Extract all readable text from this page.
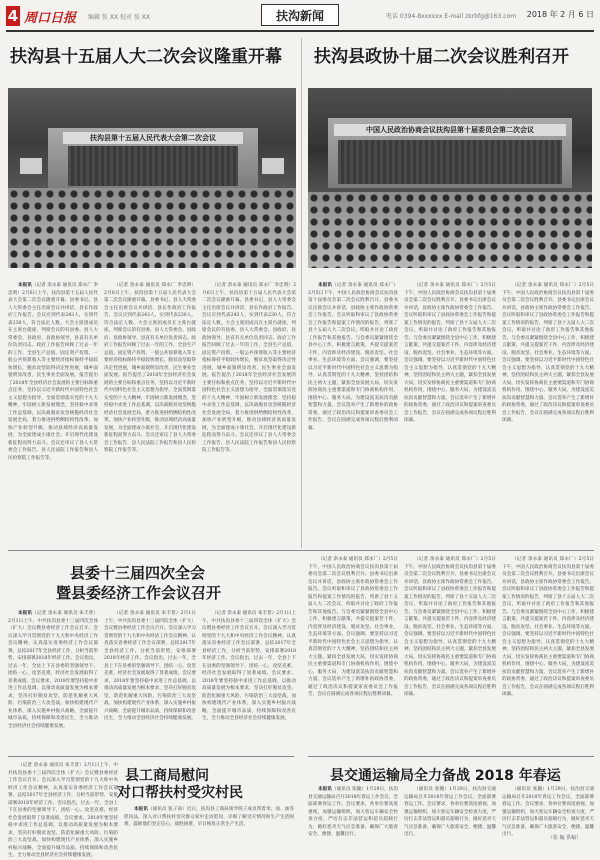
4 周口日报 编辑 张 XX 校对 张 XX	扶沟新闻	电话 0394-8xxxxxx E-mail zkrbfg@163.com 2018 年 2 月 6 日
扶沟县十五届人大二次会议隆重开幕 扶沟县政协十届二次会议胜利召开
扶沟县第十五届人民代表大会第二次会议
中国人民政治协商会议扶沟县第十届委员会第二次会议

本报讯（记者 余永泰 通讯员 郑永厂 李忠明）2月6日上午，扶沟县第十五届人民代表大会第二次会议隆重开幕。县委书记、县人大常委会主任出席会议并讲话，县长作政府工作报告。会议应到代表243人，实到代表230人，符合法定人数。大会主席团成员在主席台就座，列席会议的有县委、县人大常委会、县政府、县政协领导，县直有关单位负责同志。政府工作报告回顾了过去一年的工作，全县生产总值、固定资产投资、一般公共预算收入等主要经济指标保持平稳较快增长，脱贫攻坚取得决定性进展，城乡面貌明显改善，民生事业全面发展。报告提出了2018年全县经济社会发展的主要目标和重点任务，坚持以习近平新时代中国特色社会主义思想为指导，全面贯彻落实党的十九大精神，牢固树立新发展理念，坚持稳中求进工作总基调，以决战脱贫攻坚统揽经济社会发展全局，着力推进供给侧结构性改革，加快产业转型升级，推动县域经济高质量发展，为全面建成小康社会、开启现代化建设新征程而努力奋斗。会议还审议了县人大常委会工作报告、县人民法院工作报告和县人民检察院工作报告等。

（记者 余永泰 通讯员 郑永厂 李忠明）2月6日上午，扶沟县第十五届人民代表大会第二次会议隆重开幕。县委书记、县人大常委会主任出席会议并讲话，县长作政府工作报告。会议应到代表243人，实到代表230人，符合法定人数。大会主席团成员在主席台就座，列席会议的有县委、县人大常委会、县政府、县政协领导，县直有关单位负责同志。政府工作报告回顾了过去一年的工作，全县生产总值、固定资产投资、一般公共预算收入等主要经济指标保持平稳较快增长，脱贫攻坚取得决定性进展，城乡面貌明显改善，民生事业全面发展。报告提出了2018年全县经济社会发展的主要目标和重点任务，坚持以习近平新时代中国特色社会主义思想为指导，全面贯彻落实党的十九大精神，牢固树立新发展理念，坚持稳中求进工作总基调，以决战脱贫攻坚统揽经济社会发展全局，着力推进供给侧结构性改革，加快产业转型升级，推动县域经济高质量发展，为全面建成小康社会、开启现代化建设新征程而努力奋斗。会议还审议了县人大常委会工作报告、县人民法院工作报告和县人民检察院工作报告等。

（记者 余永泰 通讯员 郑永厂 李忠明）2月6日上午，扶沟县第十五届人民代表大会第二次会议隆重开幕。县委书记、县人大常委会主任出席会议并讲话，县长作政府工作报告。会议应到代表243人，实到代表230人，符合法定人数。大会主席团成员在主席台就座，列席会议的有县委、县人大常委会、县政府、县政协领导，县直有关单位负责同志。政府工作报告回顾了过去一年的工作，全县生产总值、固定资产投资、一般公共预算收入等主要经济指标保持平稳较快增长，脱贫攻坚取得决定性进展，城乡面貌明显改善，民生事业全面发展。报告提出了2018年全县经济社会发展的主要目标和重点任务，坚持以习近平新时代中国特色社会主义思想为指导，全面贯彻落实党的十九大精神，牢固树立新发展理念，坚持稳中求进工作总基调，以决战脱贫攻坚统揽经济社会发展全局，着力推进供给侧结构性改革，加快产业转型升级，推动县域经济高质量发展，为全面建成小康社会、开启现代化建设新征程而努力奋斗。会议还审议了县人大常委会工作报告、县人民法院工作报告和县人民检察院工作报告等。

本报讯（记者 余永泰 通讯员 郑永厂）2月5日下午，中国人民政治协商会议扶沟县第十届委员会第二次会议胜利召开。县委书记出席会议并讲话，县政协主席作政协常委会工作报告。会议听取和审议了县政协常委会工作报告和提案工作情况的报告，列席了县十五届人大二次会议，听取并讨论了政府工作报告和其他报告。与会委员紧紧围绕全县中心工作，积极建言献策，共提交提案若干件，内容涉及经济建设、脱贫攻坚、社会事业、生态环境等方面。会议强调，要坚持以习近平新时代中国特色社会主义思想为指导，认真贯彻党的十九大精神，坚持团结和民主两大主题，紧扣全县发展大局，切实发挥协商民主重要渠道和专门协商机构作用，围绕中心、服务大局，为建设富美扶沟贡献智慧和力量。会议选举产生了新增补的政协常委，通过了政治决议和提案审查委员会工作报告，会议在圆满完成各项议程后胜利闭幕。

（记者 余永泰 通讯员 郑永厂）2月5日下午，中国人民政治协商会议扶沟县第十届委员会第二次会议胜利召开。县委书记出席会议并讲话，县政协主席作政协常委会工作报告。会议听取和审议了县政协常委会工作报告和提案工作情况的报告，列席了县十五届人大二次会议，听取并讨论了政府工作报告和其他报告。与会委员紧紧围绕全县中心工作，积极建言献策，共提交提案若干件，内容涉及经济建设、脱贫攻坚、社会事业、生态环境等方面。会议强调，要坚持以习近平新时代中国特色社会主义思想为指导，认真贯彻党的十九大精神，坚持团结和民主两大主题，紧扣全县发展大局，切实发挥协商民主重要渠道和专门协商机构作用，围绕中心、服务大局，为建设富美扶沟贡献智慧和力量。会议选举产生了新增补的政协常委，通过了政治决议和提案审查委员会工作报告，会议在圆满完成各项议程后胜利闭幕。

（记者 余永泰 通讯员 郑永厂）2月5日下午，中国人民政治协商会议扶沟县第十届委员会第二次会议胜利召开。县委书记出席会议并讲话，县政协主席作政协常委会工作报告。会议听取和审议了县政协常委会工作报告和提案工作情况的报告，列席了县十五届人大二次会议，听取并讨论了政府工作报告和其他报告。与会委员紧紧围绕全县中心工作，积极建言献策，共提交提案若干件，内容涉及经济建设、脱贫攻坚、社会事业、生态环境等方面。会议强调，要坚持以习近平新时代中国特色社会主义思想为指导，认真贯彻党的十九大精神，坚持团结和民主两大主题，紧扣全县发展大局，切实发挥协商民主重要渠道和专门协商机构作用，围绕中心、服务大局，为建设富美扶沟贡献智慧和力量。会议选举产生了新增补的政协常委，通过了政治决议和提案审查委员会工作报告，会议在圆满完成各项议程后胜利闭幕。

县委十三届四次全会
暨县委经济工作会议召开

本报讯（记者 余永泰 通讯员 朱丰普）2月1日上午，中共扶沟县委十三届四次全体（扩大）会议暨县委经济工作会议召开。会议深入学习贯彻党的十九大和中央经济工作会议精神，认真落实省委经济工作会议部署，总结2017年全县经济工作，分析当前形势，安排部署2018年经济工作。会议指出，过去一年，全县上下在县委的坚强领导下，团结一心、攻坚克难，经济社会发展取得了显著成绩。会议要求，2018年要坚持稳中求进工作总基调，以推动高质量发展为根本要求，坚决打好脱贫攻坚、防范化解重大风险、污染防治三大攻坚战，加快构建现代产业体系，深入实施乡村振兴战略，全面提升城市品质，持续保障和改善民生，全力推动全县经济社会持续健康发展。

（记者 余永泰 通讯员 朱丰普）2月1日上午，中共扶沟县委十三届四次全体（扩大）会议暨县委经济工作会议召开。会议深入学习贯彻党的十九大和中央经济工作会议精神，认真落实省委经济工作会议部署，总结2017年全县经济工作，分析当前形势，安排部署2018年经济工作。会议指出，过去一年，全县上下在县委的坚强领导下，团结一心、攻坚克难，经济社会发展取得了显著成绩。会议要求，2018年要坚持稳中求进工作总基调，以推动高质量发展为根本要求，坚决打好脱贫攻坚、防范化解重大风险、污染防治三大攻坚战，加快构建现代产业体系，深入实施乡村振兴战略，全面提升城市品质，持续保障和改善民生，全力推动全县经济社会持续健康发展。

（记者 余永泰 通讯员 朱丰普）2月1日上午，中共扶沟县委十三届四次全体（扩大）会议暨县委经济工作会议召开。会议深入学习贯彻党的十九大和中央经济工作会议精神，认真落实省委经济工作会议部署，总结2017年全县经济工作，分析当前形势，安排部署2018年经济工作。会议指出，过去一年，全县上下在县委的坚强领导下，团结一心、攻坚克难，经济社会发展取得了显著成绩。会议要求，2018年要坚持稳中求进工作总基调，以推动高质量发展为根本要求，坚决打好脱贫攻坚、防范化解重大风险、污染防治三大攻坚战，加快构建现代产业体系，深入实施乡村振兴战略，全面提升城市品质，持续保障和改善民生，全力推动全县经济社会持续健康发展。

（记者 余永泰 通讯员 郑永厂）2月5日下午，中国人民政治协商会议扶沟县第十届委员会第二次会议胜利召开。县委书记出席会议并讲话，县政协主席作政协常委会工作报告。会议听取和审议了县政协常委会工作报告和提案工作情况的报告，列席了县十五届人大二次会议，听取并讨论了政府工作报告和其他报告。与会委员紧紧围绕全县中心工作，积极建言献策，共提交提案若干件，内容涉及经济建设、脱贫攻坚、社会事业、生态环境等方面。会议强调，要坚持以习近平新时代中国特色社会主义思想为指导，认真贯彻党的十九大精神，坚持团结和民主两大主题，紧扣全县发展大局，切实发挥协商民主重要渠道和专门协商机构作用，围绕中心、服务大局，为建设富美扶沟贡献智慧和力量。会议选举产生了新增补的政协常委，通过了政治决议和提案审查委员会工作报告，会议在圆满完成各项议程后胜利闭幕。

（记者 余永泰 通讯员 郑永厂）2月5日下午，中国人民政治协商会议扶沟县第十届委员会第二次会议胜利召开。县委书记出席会议并讲话，县政协主席作政协常委会工作报告。会议听取和审议了县政协常委会工作报告和提案工作情况的报告，列席了县十五届人大二次会议，听取并讨论了政府工作报告和其他报告。与会委员紧紧围绕全县中心工作，积极建言献策，共提交提案若干件，内容涉及经济建设、脱贫攻坚、社会事业、生态环境等方面。会议强调，要坚持以习近平新时代中国特色社会主义思想为指导，认真贯彻党的十九大精神，坚持团结和民主两大主题，紧扣全县发展大局，切实发挥协商民主重要渠道和专门协商机构作用，围绕中心、服务大局，为建设富美扶沟贡献智慧和力量。会议选举产生了新增补的政协常委，通过了政治决议和提案审查委员会工作报告，会议在圆满完成各项议程后胜利闭幕。

（记者 余永泰 通讯员 郑永厂）2月5日下午，中国人民政治协商会议扶沟县第十届委员会第二次会议胜利召开。县委书记出席会议并讲话，县政协主席作政协常委会工作报告。会议听取和审议了县政协常委会工作报告和提案工作情况的报告，列席了县十五届人大二次会议，听取并讨论了政府工作报告和其他报告。与会委员紧紧围绕全县中心工作，积极建言献策，共提交提案若干件，内容涉及经济建设、脱贫攻坚、社会事业、生态环境等方面。会议强调，要坚持以习近平新时代中国特色社会主义思想为指导，认真贯彻党的十九大精神，坚持团结和民主两大主题，紧扣全县发展大局，切实发挥协商民主重要渠道和专门协商机构作用，围绕中心、服务大局，为建设富美扶沟贡献智慧和力量。会议选举产生了新增补的政协常委，通过了政治决议和提案审查委员会工作报告，会议在圆满完成各项议程后胜利闭幕。

县工商局慰问
对口帮扶村受灾村民

（记者 余永泰 通讯员 朱丰普）2月1日上午，中共扶沟县委十三届四次全体（扩大）会议暨县委经济工作会议召开。会议深入学习贯彻党的十九大和中央经济工作会议精神，认真落实省委经济工作会议部署，总结2017年全县经济工作，分析当前形势，安排部署2018年经济工作。会议指出，过去一年，全县上下在县委的坚强领导下，团结一心、攻坚克难，经济社会发展取得了显著成绩。会议要求，2018年要坚持稳中求进工作总基调，以推动高质量发展为根本要求，坚决打好脱贫攻坚、防范化解重大风险、污染防治三大攻坚战，加快构建现代产业体系，深入实施乡村振兴战略，全面提升城市品质，持续保障和改善民生，全力推动全县经济社会持续健康发展。

本报讯（通讯员 张子南）近日，扶沟县工商局领导班子成员带着米、面、油等慰问品，深入对口帮扶村受灾群众家中走访慰问，详细了解受灾情况和生产生活困难，鼓励他们坚定信心、战胜困难，早日恢复正常生产生活。

县交通运输局全力备战 2018 年春运

本报讯（通讯员 张毓）1月29日，扶沟县交通运输局召开2018年春运工作会议，全面部署春运工作。会议要求，各单位要高度重视，加强运输组织，加大客运车辆安全检查力度，严厉打击非法营运和超员超载行为，做好恶劣天气应急准备，确保广大旅客安全、便捷、温馨出行。

（通讯员 张毓）1月29日，扶沟县交通运输局召开2018年春运工作会议，全面部署春运工作。会议要求，各单位要高度重视，加强运输组织，加大客运车辆安全检查力度，严厉打击非法营运和超员超载行为，做好恶劣天气应急准备，确保广大旅客安全、便捷、温馨出行。

（通讯员 张毓）1月29日，扶沟县交通运输局召开2018年春运工作会议，全面部署春运工作。会议要求，各单位要高度重视，加强运输组织，加大客运车辆安全检查力度，严厉打击非法营运和超员超载行为，做好恶劣天气应急准备，确保广大旅客安全、便捷、温馨出行。

（张 毓 供稿）
